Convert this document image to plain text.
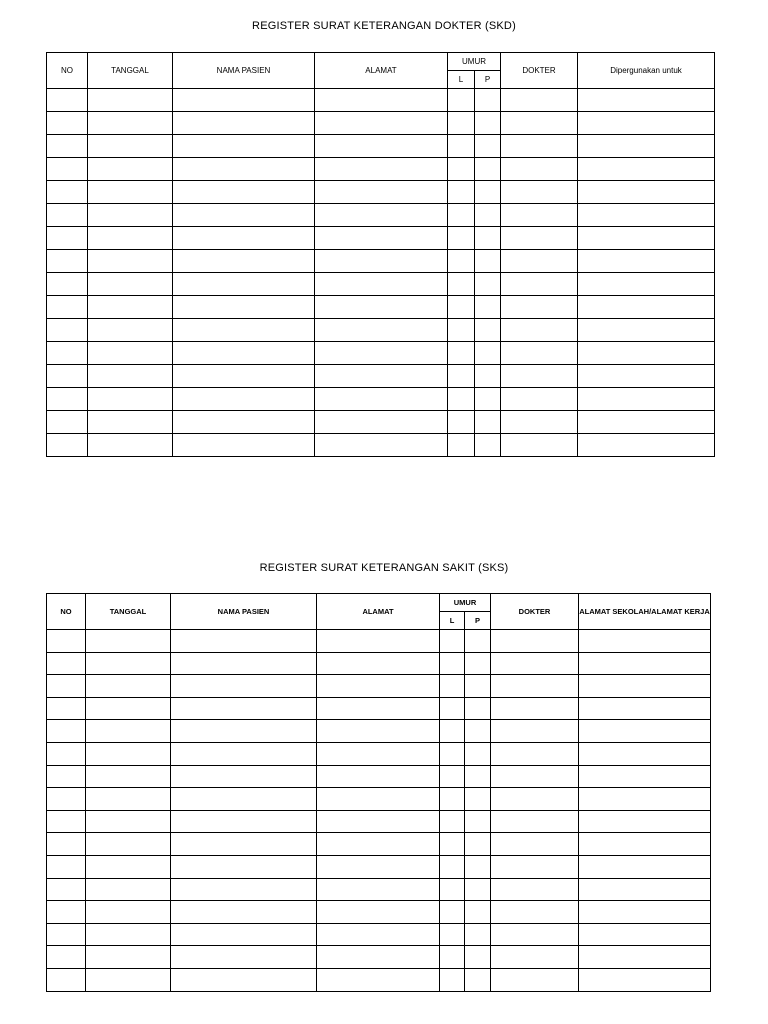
REGISTER SURAT KETERANGAN DOKTER (SKD)
NO	TANGGAL	NAMA PASIEN	ALAMAT	UMUR		DOKTER	Dipergunakan untuk
				L	P		

REGISTER SURAT KETERANGAN SAKIT (SKS)
NO	TANGGAL	NAMA PASIEN	ALAMAT	UMUR		DOKTER	ALAMAT SEKOLAH/ALAMAT KERJA
				L	P		
